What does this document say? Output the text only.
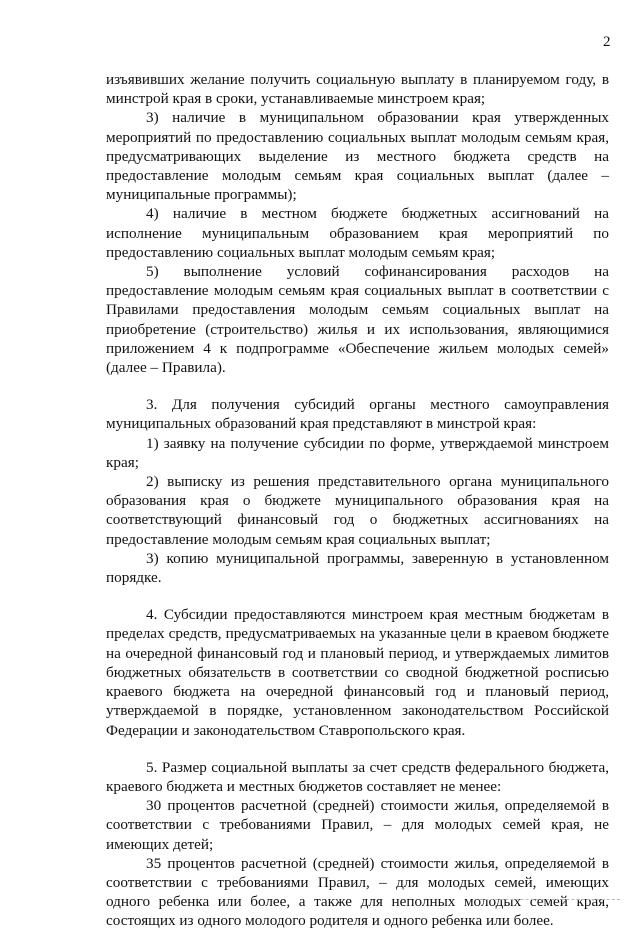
2

изъявивших желание получить социальную выплату в планируемом году, в минстрой края в сроки, устанавливаемые минстроем края;

3) наличие в муниципальном образовании края утвержденных мероприятий по предоставлению социальных выплат молодым семьям края, предусматривающих выделение из местного бюджета средств на предоставление молодым семьям края социальных выплат (далее – муниципальные программы);

4) наличие в местном бюджете бюджетных ассигнований на исполнение муниципальным образованием края мероприятий по предоставлению социальных выплат молодым семьям края;

5) выполнение условий софинансирования расходов на предоставление молодым семьям края социальных выплат в соответствии с Правилами предоставления молодым семьям социальных выплат на приобретение (строительство) жилья и их использования, являющимися приложением 4 к подпрограмме «Обеспечение жильем молодых семей» (далее – Правила).

3. Для получения субсидий органы местного самоуправления муниципальных образований края представляют в минстрой края:

1) заявку на получение субсидии по форме, утверждаемой минстроем края;

2) выписку из решения представительного органа муниципального образования края о бюджете муниципального образования края на соответствующий финансовый год о бюджетных ассигнованиях на предоставление молодым семьям края социальных выплат;

3) копию муниципальной программы, заверенную в установленном порядке.

4. Субсидии предоставляются минстроем края местным бюджетам в пределах средств, предусматриваемых на указанные цели в краевом бюджете на очередной финансовый год и плановый период, и утверждаемых лимитов бюджетных обязательств в соответствии со сводной бюджетной росписью краевого бюджета на очередной финансовый год и плановый период, утверждаемой в порядке, установленном законодательством Российской Федерации и законодательством Ставропольского края.

5. Размер социальной выплаты за счет средств федерального бюджета, краевого бюджета и местных бюджетов составляет не менее:

30 процентов расчетной (средней) стоимости жилья, определяемой в соответствии с требованиями Правил, – для молодых семей края, не имеющих детей;

35 процентов расчетной (средней) стоимости жилья, определяемой в соответствии с требованиями Правил, – для молодых семей, имеющих одного ребенка или более, а также для неполных молодых семей края, состоящих из одного молодого родителя и одного ребенка или более.
